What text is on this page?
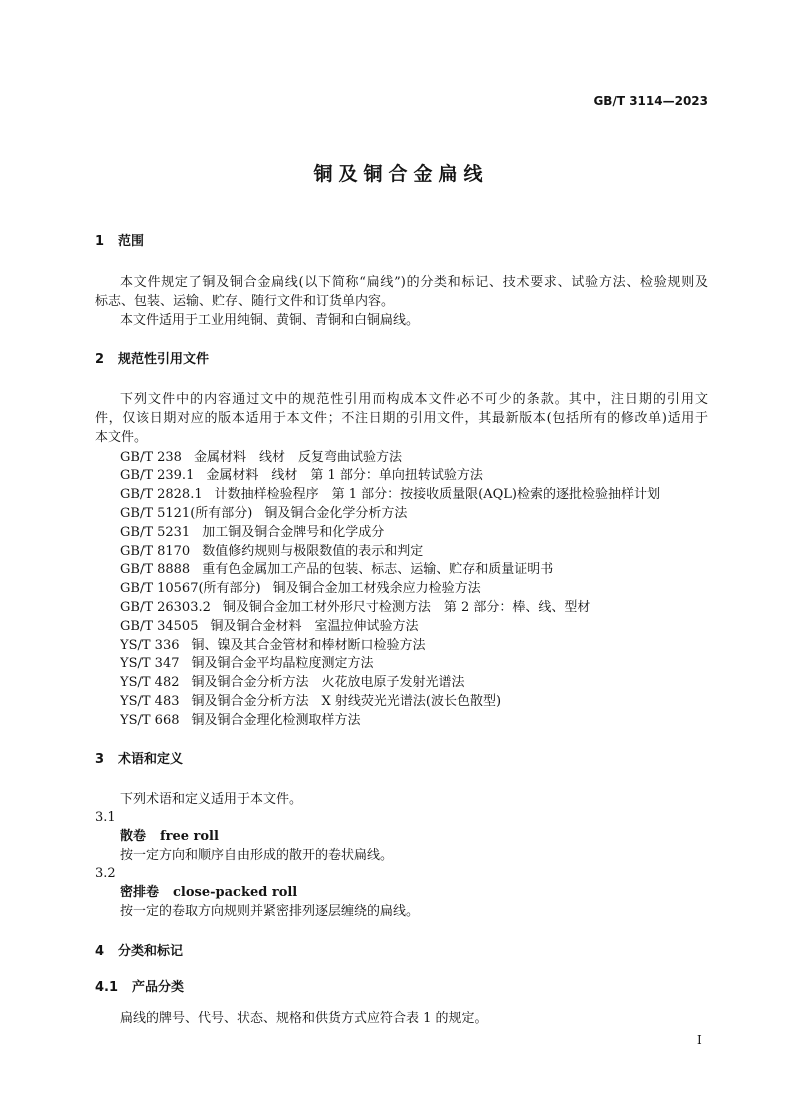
GB/T 3114—2023
铜及铜合金扁线
1 范围
本文件规定了铜及铜合金扁线(以下简称“扁线”)的分类和标记、技术要求、试验方法、检验规则及
标志、包装、运输、贮存、随行文件和订货单内容。
本文件适用于工业用纯铜、黄铜、青铜和白铜扁线。
2 规范性引用文件
下列文件中的内容通过文中的规范性引用而构成本文件必不可少的条款。其中，注日期的引用文
件，仅该日期对应的版本适用于本文件；不注日期的引用文件，其最新版本(包括所有的修改单)适用于
本文件。
GB/T 238 金属材料　线材　反复弯曲试验方法
GB/T 239.1 金属材料　线材　第 1 部分：单向扭转试验方法
GB/T 2828.1 计数抽样检验程序　第 1 部分：按接收质量限(AQL)检索的逐批检验抽样计划
GB/T 5121(所有部分) 铜及铜合金化学分析方法
GB/T 5231 加工铜及铜合金牌号和化学成分
GB/T 8170 数值修约规则与极限数值的表示和判定
GB/T 8888 重有色金属加工产品的包装、标志、运输、贮存和质量证明书
GB/T 10567(所有部分) 铜及铜合金加工材残余应力检验方法
GB/T 26303.2 铜及铜合金加工材外形尺寸检测方法　第 2 部分：棒、线、型材
GB/T 34505 铜及铜合金材料　室温拉伸试验方法
YS/T 336 铜、镍及其合金管材和棒材断口检验方法
YS/T 347 铜及铜合金平均晶粒度测定方法
YS/T 482 铜及铜合金分析方法　火花放电原子发射光谱法
YS/T 483 铜及铜合金分析方法　X 射线荧光光谱法(波长色散型)
YS/T 668 铜及铜合金理化检测取样方法
3 术语和定义
下列术语和定义适用于本文件。
3.1
散卷 free roll
按一定方向和顺序自由形成的散开的卷状扁线。
3.2
密排卷 close-packed roll
按一定的卷取方向规则并紧密排列逐层缠绕的扁线。
4 分类和标记
4.1 产品分类
扁线的牌号、代号、状态、规格和供货方式应符合表 1 的规定。
I
